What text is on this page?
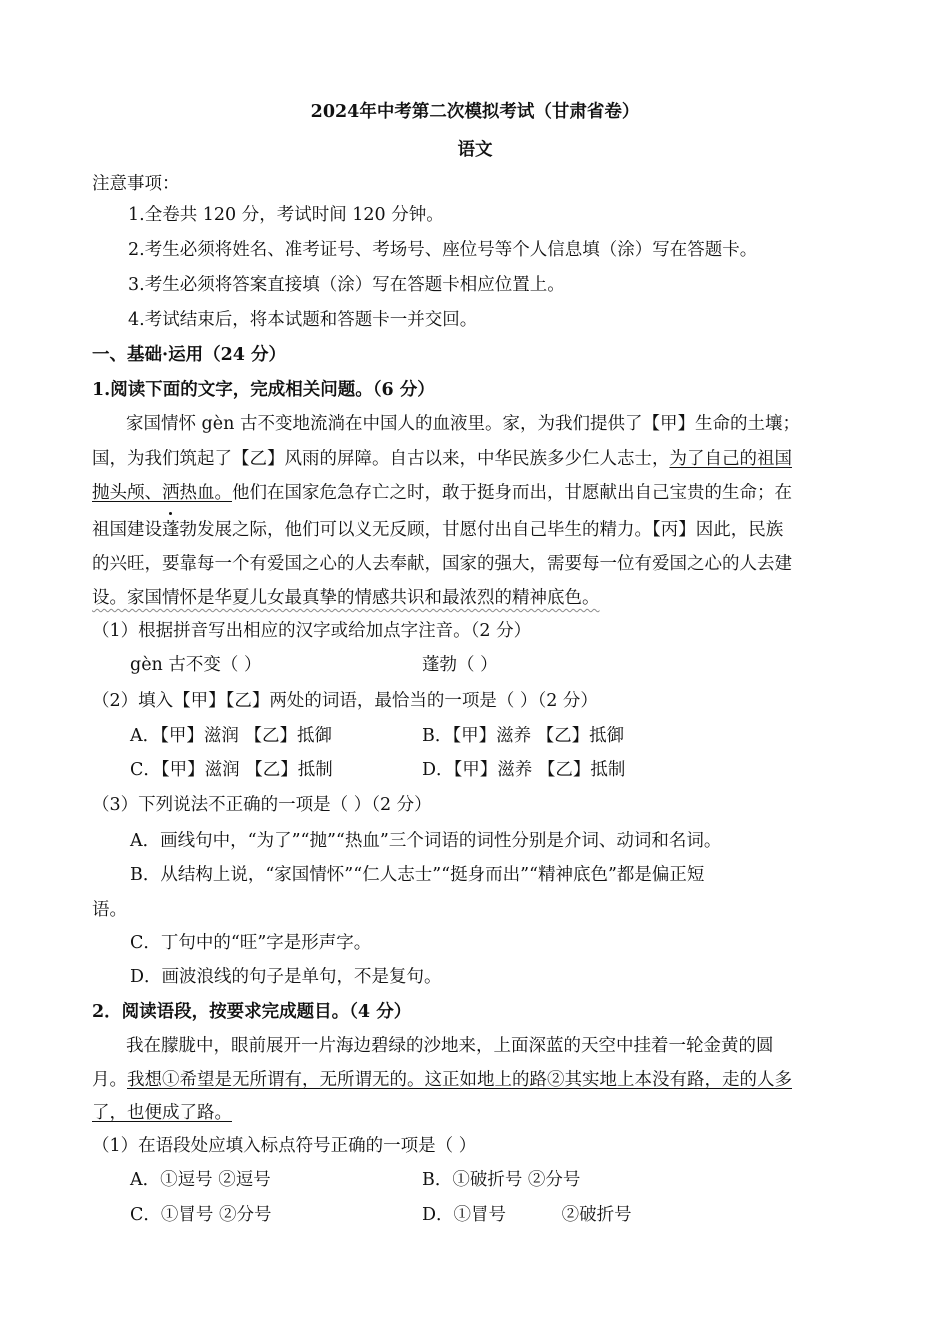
2024年中考第二次模拟考试（甘肃省卷）
语文
注意事项：
1.全卷共 120 分，考试时间 120 分钟。
2.考生必须将姓名、准考证号、考场号、座位号等个人信息填（涂）写在答题卡。
3.考生必须将答案直接填（涂）写在答题卡相应位置上。
4.考试结束后，将本试题和答题卡一并交回。
一、基础·运用（24 分）
1.阅读下面的文字，完成相关问题。（6 分）
家国情怀 gèn 古不变地流淌在中国人的血液里。家，为我们提供了【甲】生命的土壤；
国，为我们筑起了【乙】风雨的屏障。自古以来，中华民族多少仁人志士，为了自己的祖国
抛头颅、洒热血。他们在国家危急存亡之时，敢于挺身而出，甘愿献出自己宝贵的生命；在
祖国建设蓬勃发展之际，他们可以义无反顾，甘愿付出自己毕生的精力。【丙】因此，民族
的兴旺，要靠每一个有爱国之心的人去奉献，国家的强大，需要每一位有爱国之心的人去建
设。家国情怀是华夏儿女最真挚的情感共识和最浓烈的精神底色。
（1）根据拼音写出相应的汉字或给加点字注音。（2 分）
gèn 古不变（ ）	蓬勃（ ）
（2）填入【甲】【乙】两处的词语，最恰当的一项是（ ）（2 分）
A．【甲】滋润 【乙】抵御	B．【甲】滋养 【乙】抵御
C．【甲】滋润 【乙】抵制	D．【甲】滋养 【乙】抵制
（3）下列说法不正确的一项是（ ）（2 分）
A．画线句中，“为了”“抛”“热血”三个词语的词性分别是介词、动词和名词。
B．从结构上说，“家国情怀”“仁人志士”“挺身而出”“精神底色”都是偏正短
语。
C．丁句中的“旺”字是形声字。
D．画波浪线的句子是单句，不是复句。
2．阅读语段，按要求完成题目。（4 分）
我在朦胧中，眼前展开一片海边碧绿的沙地来，上面深蓝的天空中挂着一轮金黄的圆
月。我想①希望是无所谓有，无所谓无的。这正如地上的路②其实地上本没有路，走的人多
了，也便成了路。
（1）在语段处应填入标点符号正确的一项是（ ）
A．①逗号 ②逗号	B．①破折号 ②分号
C．①冒号 ②分号	D．①冒号          ②破折号
